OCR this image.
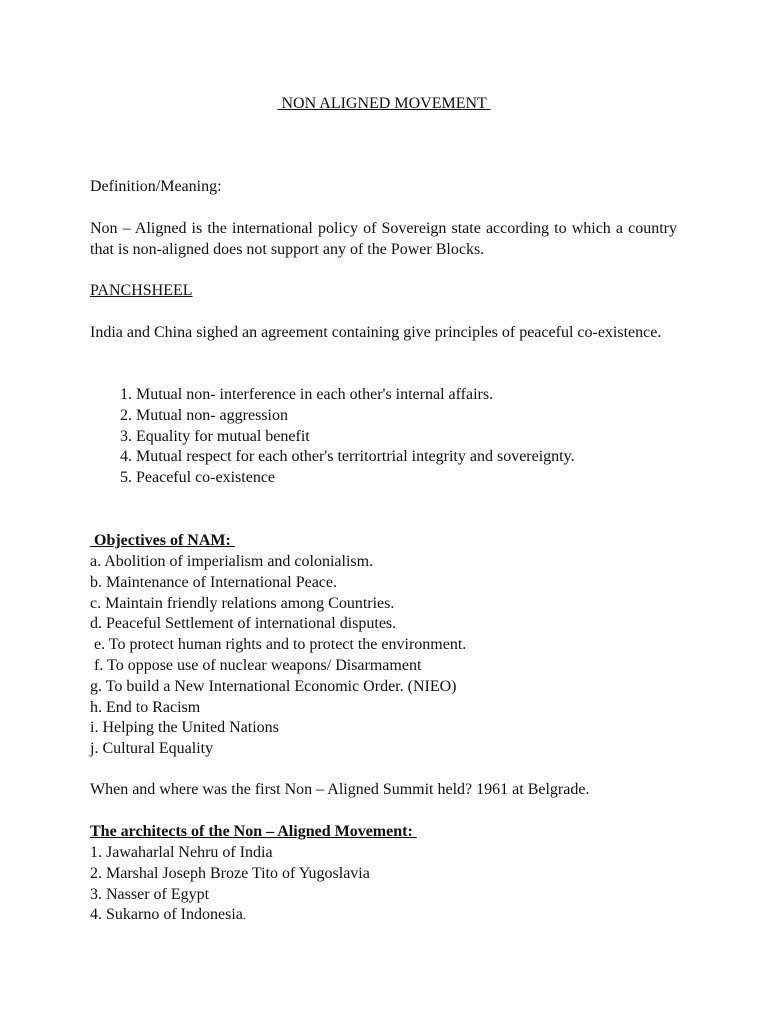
NON ALIGNED MOVEMENT

Definition/Meaning:

Non – Aligned is the international policy of Sovereign state according to which a country that is non-aligned does not support any of the Power Blocks.

PANCHSHEEL

India and China sighed an agreement containing give principles of peaceful co-existence.

1. Mutual non- interference in each other's internal affairs.
2. Mutual non- aggression
3. Equality for mutual benefit
4. Mutual respect for each other's territortrial integrity and sovereignty.
5. Peaceful co-existence

Objectives of NAM:

a. Abolition of imperialism and colonialism.
b. Maintenance of International Peace.
c. Maintain friendly relations among Countries.
d. Peaceful Settlement of international disputes.
e. To protect human rights and to protect the environment.
f. To oppose use of nuclear weapons/ Disarmament
g. To build a New International Economic Order. (NIEO)
h. End to Racism
i. Helping the United Nations
j. Cultural Equality

When and where was the first Non – Aligned Summit held? 1961 at Belgrade.

The architects of the Non – Aligned Movement:

1. Jawaharlal Nehru of India
2. Marshal Joseph Broze Tito of Yugoslavia
3. Nasser of Egypt
4. Sukarno of Indonesia.
